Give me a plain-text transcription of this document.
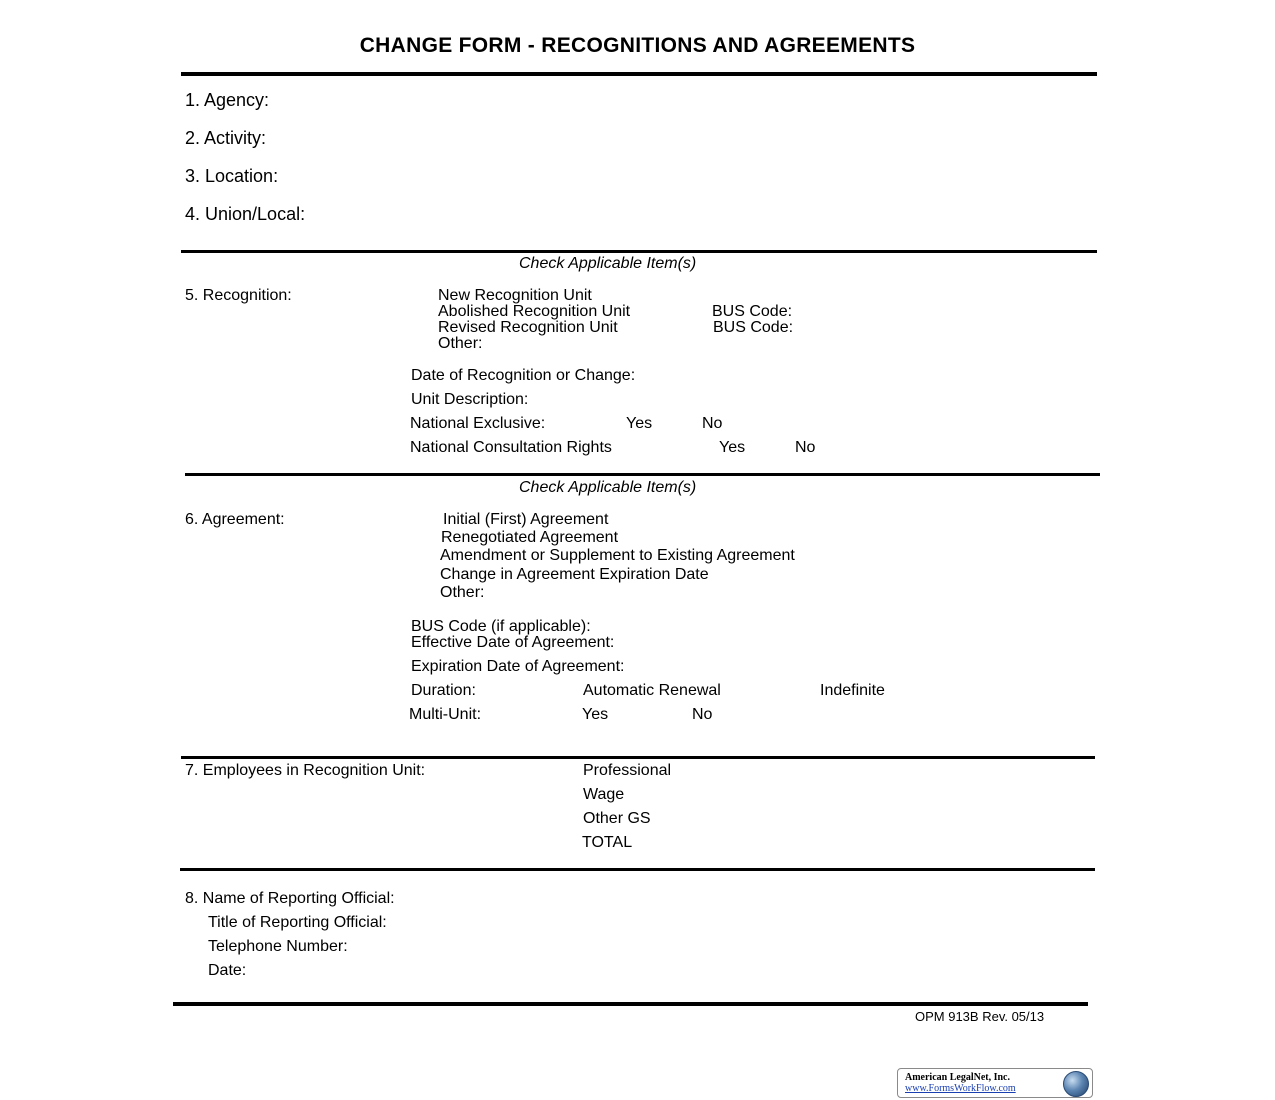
CHANGE FORM - RECOGNITIONS AND AGREEMENTS
1. Agency:
2. Activity:
3. Location:
4. Union/Local:
Check Applicable Item(s)
5. Recognition:	New Recognition Unit
Abolished Recognition Unit	BUS Code:
Revised Recognition Unit	BUS Code:
Other:
Date of Recognition or Change:
Unit Description:
National Exclusive:	Yes	No
National Consultation Rights	Yes	No
Check Applicable Item(s)
6. Agreement:	Initial (First) Agreement
Renegotiated Agreement
Amendment or Supplement to Existing Agreement
Change in Agreement Expiration Date
Other:
BUS Code (if applicable):
Effective Date of Agreement:
Expiration Date of Agreement:
Duration:	Automatic Renewal	Indefinite
Multi-Unit:	Yes	No
7. Employees in Recognition Unit:	Professional
Wage
Other GS
TOTAL
8. Name of Reporting Official:
Title of Reporting Official:
Telephone Number:
Date:
OPM 913B Rev. 05/13
American LegalNet, Inc.
www.FormsWorkFlow.com
